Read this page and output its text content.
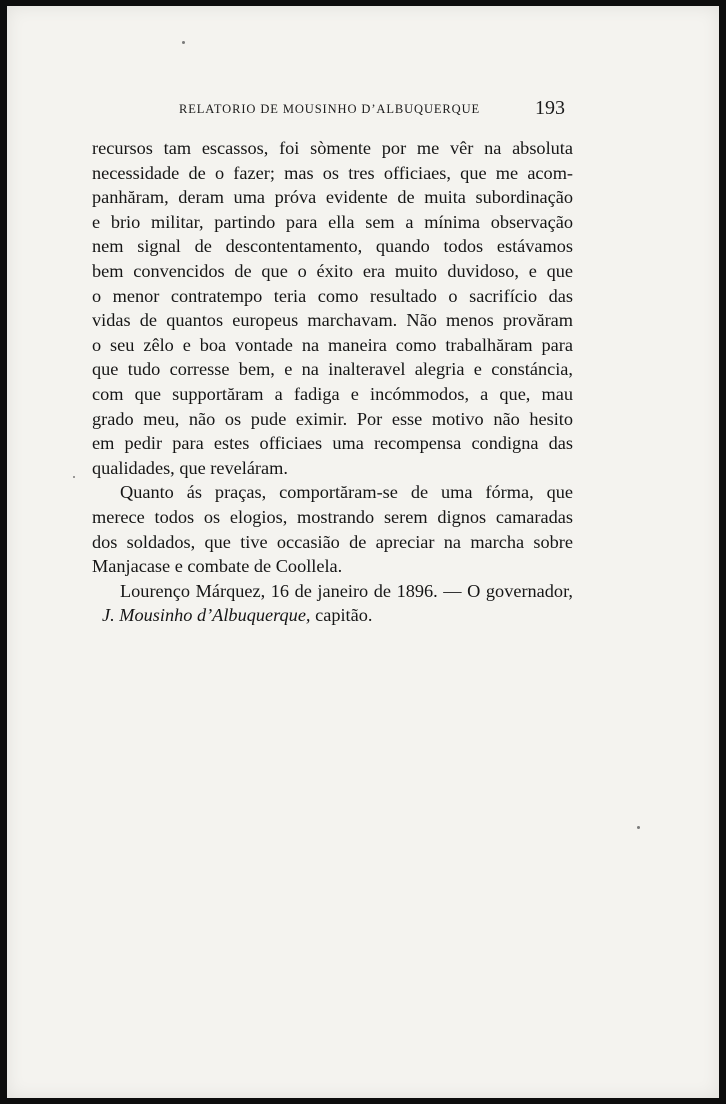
RELATORIO DE MOUSINHO D’ALBUQUERQUE	193

recursos tam escassos, foi sòmente por me vêr na absoluta

necessidade de o fazer; mas os tres officiaes, que me acom-

panhăram, deram uma próva evidente de muita subordinação

e brio militar, partindo para ella sem a mínima observação

nem signal de descontentamento, quando todos estávamos

bem convencidos de que o éxito era muito duvidoso, e que

o menor contratempo teria como resultado o sacrifício das

vidas de quantos europeus marchavam. Não menos provăram

o seu zêlo e boa vontade na maneira como trabalhăram para

que tudo corresse bem, e na inalteravel alegria e constáncia,

com que supportăram a fadiga e incómmodos, a que, mau

grado meu, não os pude eximir. Por esse motivo não hesito

em pedir para estes officiaes uma recompensa condigna das

qualidades, que reveláram.

Quanto ás praças, comportăram-se de uma fórma, que

merece todos os elogios, mostrando serem dignos camaradas

dos soldados, que tive occasião de apreciar na marcha sobre

Manjacase e combate de Coollela.

Lourenço Márquez, 16 de janeiro de 1896. — O governador,

J. Mousinho d’Albuquerque, capitão.
